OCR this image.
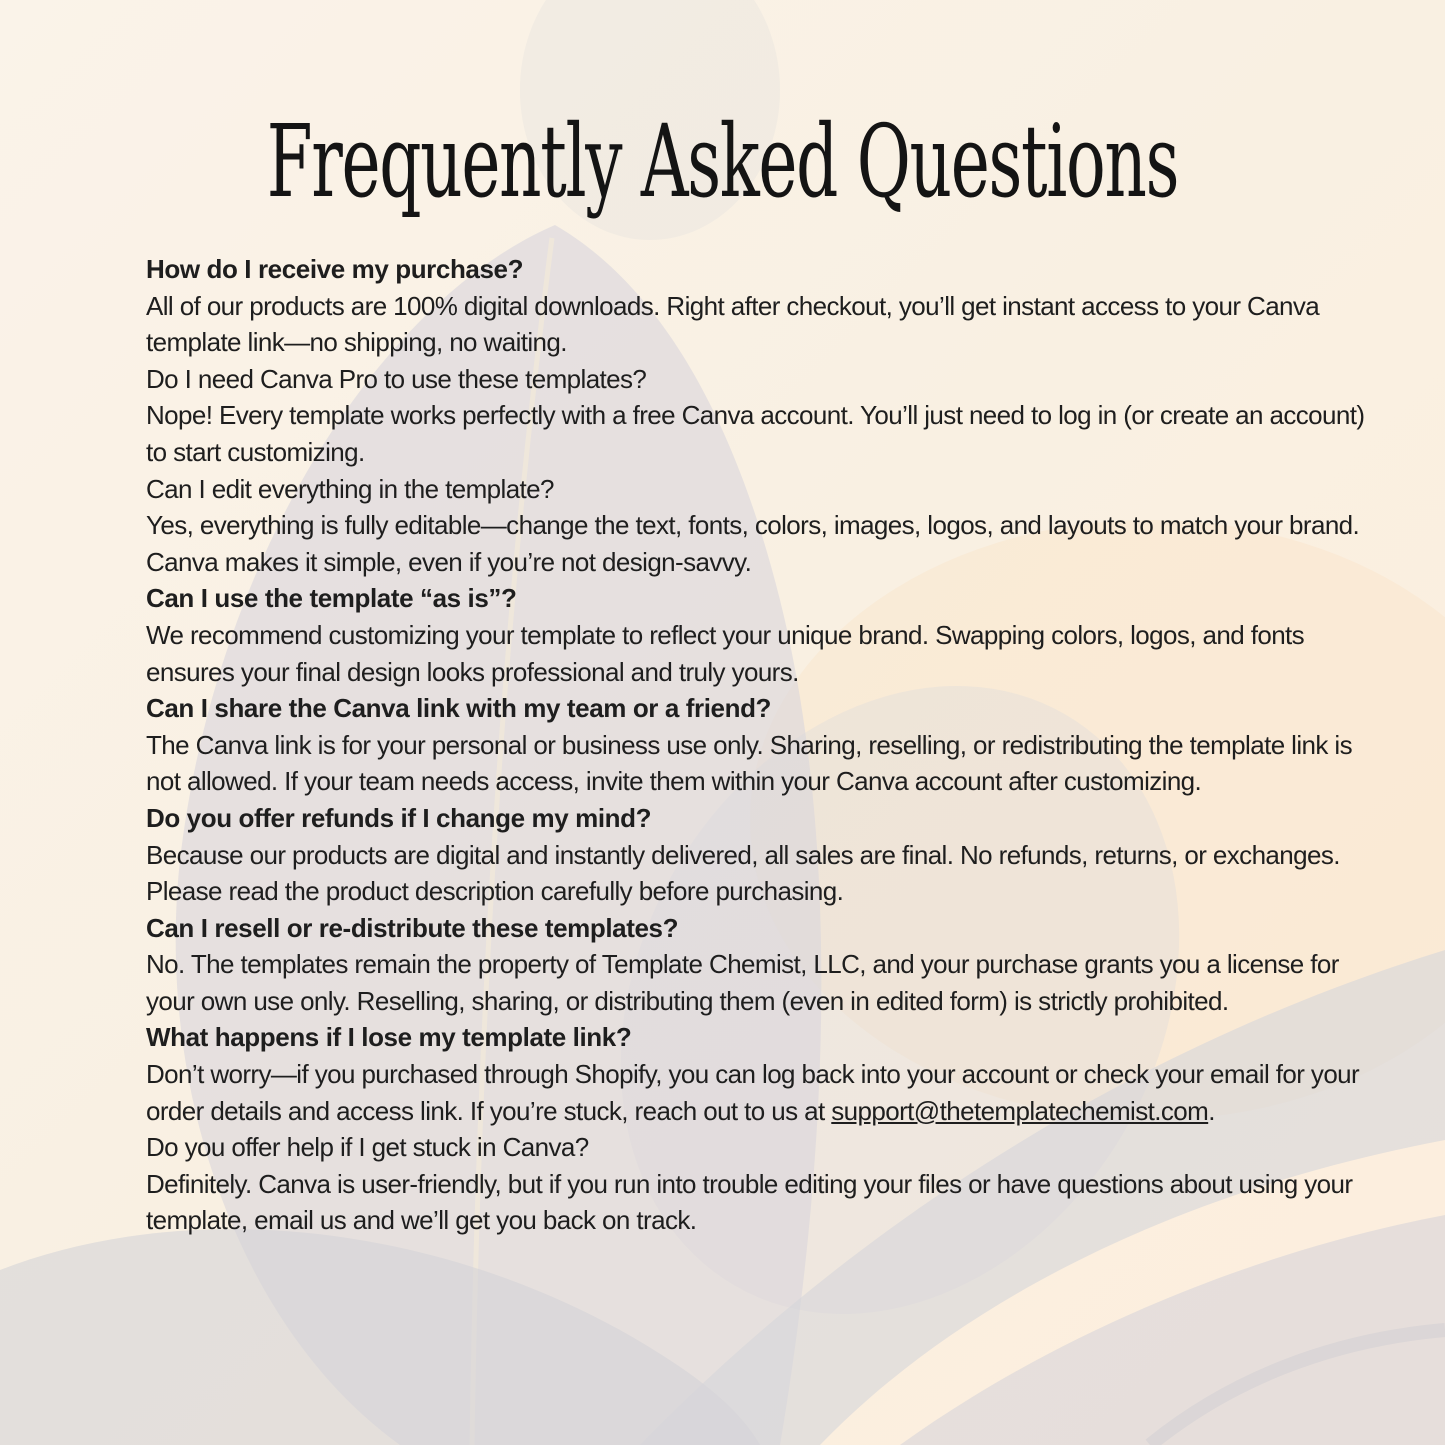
Frequently Asked Questions

How do I receive my purchase?

All of our products are 100% digital downloads. Right after checkout, you’ll get instant access to your Canva template link—no shipping, no waiting.

Do I need Canva Pro to use these templates?

Nope! Every template works perfectly with a free Canva account. You’ll just need to log in (or create an account) to start customizing.

Can I edit everything in the template?

Yes, everything is fully editable—change the text, fonts, colors, images, logos, and layouts to match your brand. Canva makes it simple, even if you’re not design-savvy.

Can I use the template “as is”?

We recommend customizing your template to reflect your unique brand. Swapping colors, logos, and fonts ensures your final design looks professional and truly yours.

Can I share the Canva link with my team or a friend?

The Canva link is for your personal or business use only. Sharing, reselling, or redistributing the template link is not allowed. If your team needs access, invite them within your Canva account after customizing.

Do you offer refunds if I change my mind?

Because our products are digital and instantly delivered, all sales are final. No refunds, returns, or exchanges. Please read the product description carefully before purchasing.

Can I resell or re-distribute these templates?

No. The templates remain the property of Template Chemist, LLC, and your purchase grants you a license for your own use only. Reselling, sharing, or distributing them (even in edited form) is strictly prohibited.

What happens if I lose my template link?

Don’t worry—if you purchased through Shopify, you can log back into your account or check your email for your order details and access link. If you’re stuck, reach out to us at support@thetemplatechemist.com.

Do you offer help if I get stuck in Canva?

Definitely. Canva is user-friendly, but if you run into trouble editing your files or have questions about using your template, email us and we’ll get you back on track.
